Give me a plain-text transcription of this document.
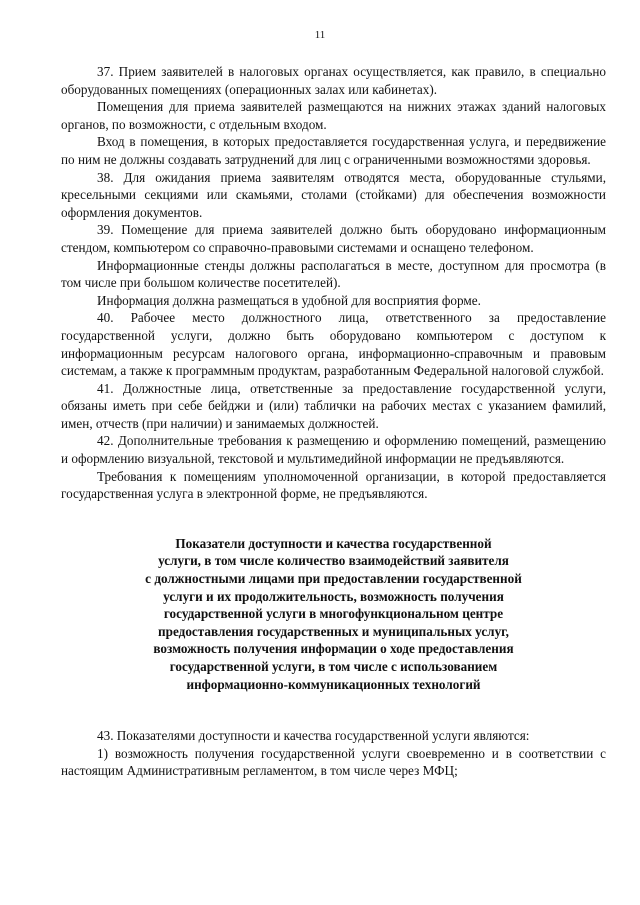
11

37. Прием заявителей в налоговых органах осуществляется, как правило, в специально оборудованных помещениях (операционных залах или кабинетах).

Помещения для приема заявителей размещаются на нижних этажах зданий налоговых органов, по возможности, с отдельным входом.

Вход в помещения, в которых предоставляется государственная услуга, и передвижение по ним не должны создавать затруднений для лиц с ограниченными возможностями здоровья.

38. Для ожидания приема заявителям отводятся места, оборудованные стульями, кресельными секциями или скамьями, столами (стойками) для обеспечения возможности оформления документов.

39. Помещение для приема заявителей должно быть оборудовано информационным стендом, компьютером со справочно-правовыми системами и оснащено телефоном.

Информационные стенды должны располагаться в месте, доступном для просмотра (в том числе при большом количестве посетителей).

Информация должна размещаться в удобной для восприятия форме.

40. Рабочее место должностного лица, ответственного за предоставление государственной услуги, должно быть оборудовано компьютером с доступом к информационным ресурсам налогового органа, информационно-справочным и правовым системам, а также к программным продуктам, разработанным Федеральной налоговой службой.

41. Должностные лица, ответственные за предоставление государственной услуги, обязаны иметь при себе бейджи и (или) таблички на рабочих местах с указанием фамилий, имен, отчеств (при наличии) и занимаемых должностей.

42. Дополнительные требования к размещению и оформлению помещений, размещению и оформлению визуальной, текстовой и мультимедийной информации не предъявляются.

Требования к помещениям уполномоченной организации, в которой предоставляется государственная услуга в электронной форме, не предъявляются.

Показатели доступности и качества государственной
услуги, в том числе количество взаимодействий заявителя
с должностными лицами при предоставлении государственной
услуги и их продолжительность, возможность получения
государственной услуги в многофункциональном центре
предоставления государственных и муниципальных услуг,
возможность получения информации о ходе предоставления
государственной услуги, в том числе с использованием
информационно-коммуникационных технологий

43. Показателями доступности и качества государственной услуги являются:

1) возможность получения государственной услуги своевременно и в соответствии с настоящим Административным регламентом, в том числе через МФЦ;
